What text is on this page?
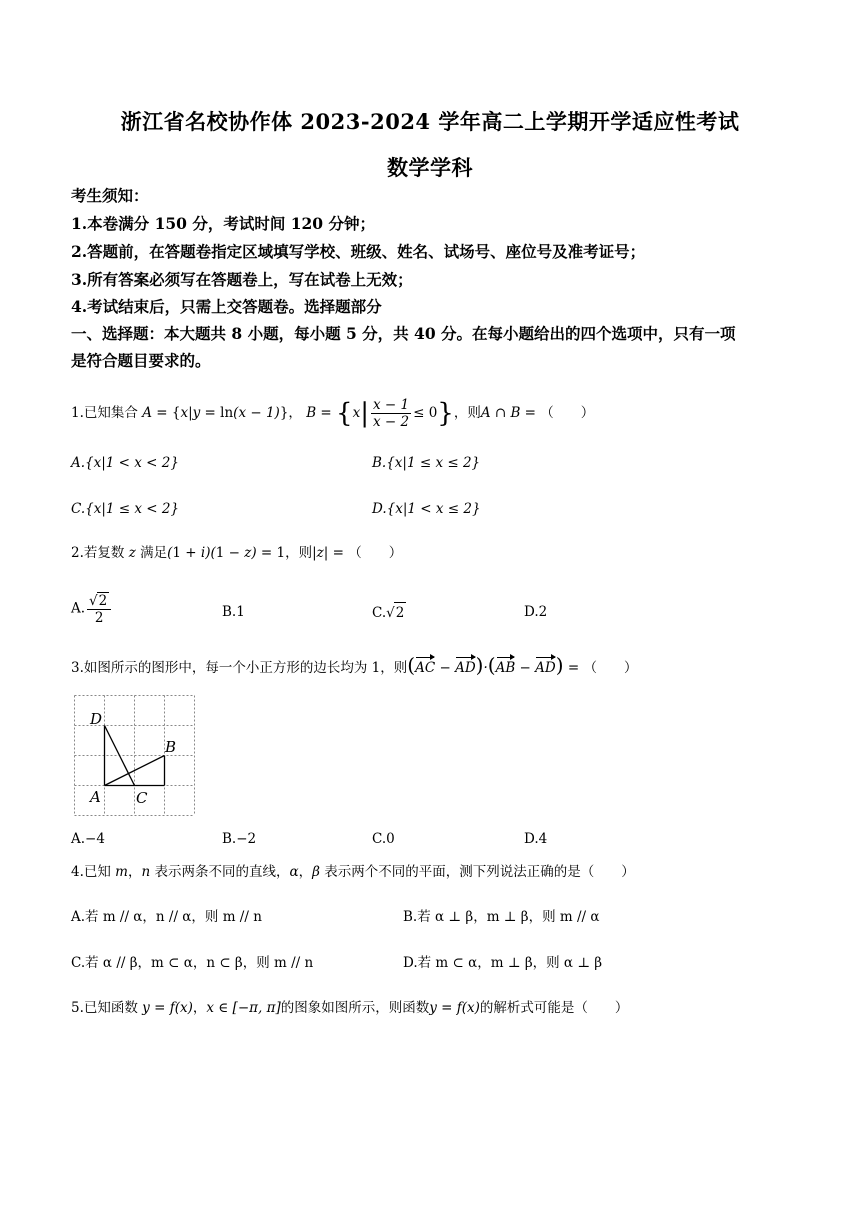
浙江省名校协作体 2023-2024 学年高二上学期开学适应性考试
数学学科
考生须知：
1.本卷满分 150 分，考试时间 120 分钟；
2.答题前，在答题卷指定区域填写学校、班级、姓名、试场号、座位号及准考证号；
3.所有答案必须写在答题卷上，写在试卷上无效；
4.考试结束后，只需上交答题卷。选择题部分
一、选择题：本大题共 8 小题，每小题 5 分，共 40 分。在每小题给出的四个选项中，只有一项
是符合题目要求的。
1.已知集合 A = {x|y = ln(x − 1)}， $B = \{x| \frac{x - 1}{x - 2} \le 0\}$，则A ∩ B = （　　）
A.{x|1 < x < 2}	B.{x|1 ≤ x ≤ 2}
C.{x|1 ≤ x < 2}	D.{x|1 < x ≤ 2}
2.若复数 z 满足(1 + i)(1 − z) = 1，则|z| = （　　）
A. $\frac{√2}{2}$	B.1	C.√2	D.2
3.如图所示的图形中，每一个小正方形的边长均为 1，则(AC − AD)·(AB − AD) = （　　）
D
B
A C
A.−4	B.−2	C.0	D.4
4.已知 m，n 表示两条不同的直线，α，β 表示两个不同的平面，测下列说法正确的是（　　）
A.若 m // α，n // α，则 m // n	B.若 α ⊥ β，m ⊥ β，则 m // α
C.若 α // β，m ⊂ α，n ⊂ β，则 m // n	D.若 m ⊂ α，m ⊥ β，则 α ⊥ β
5.已知函数 y = f(x)，x ∈ [−π, π]的图象如图所示，则函数y = f(x)的解析式可能是（　　）
